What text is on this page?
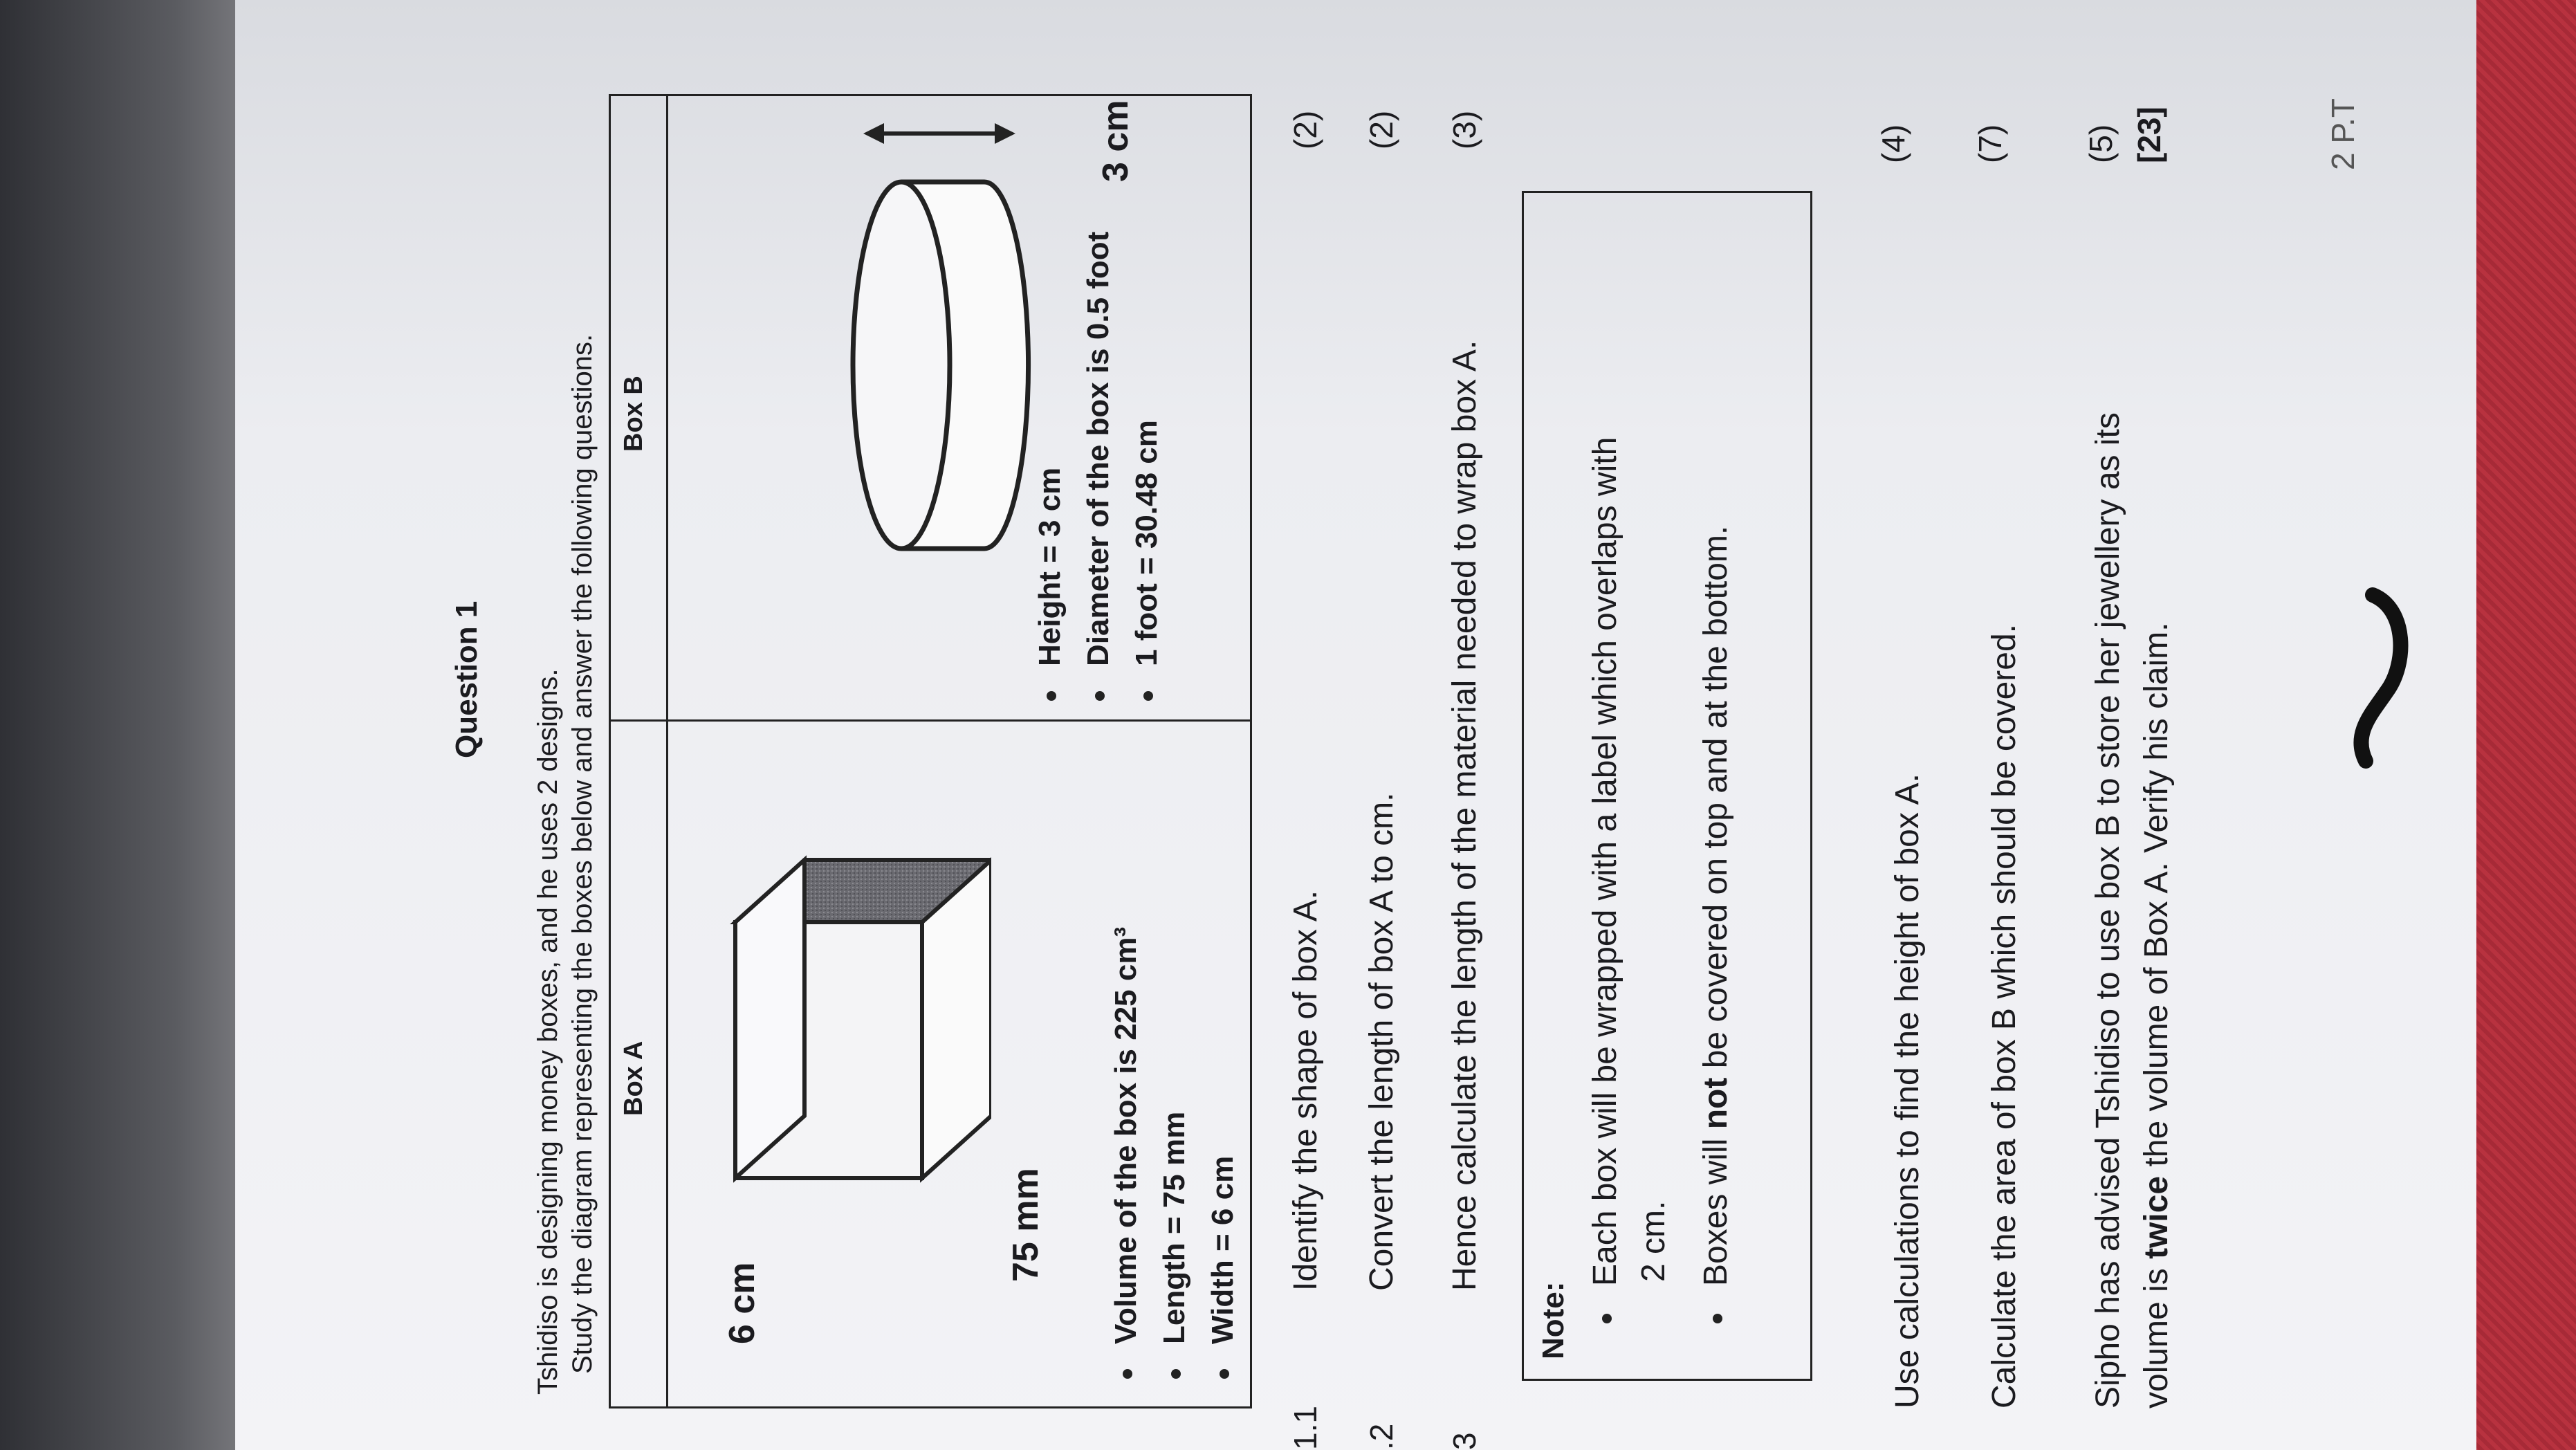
Question 1 Tshidiso is designing money boxes, and he uses 2 designs. Study the diagram representing the boxes below and answer the following questions. Box A
Box B
75 mm
6 cm
3 cm
Volume of the box is 225 cm³ Length = 75 mm Width = 6 cm
Height = 3 cm Diameter of the box is 0.5 foot 1 foot = 30.48 cm
1.1
Identify the shape of box A.
(2)
.2
Convert the length of box A to cm.
(2)
3
Hence calculate the length of the material needed to wrap box A.
(3)
Note:
Each box will be wrapped with a label which overlaps with 2 cm. Boxes will not be covered on top and at the bottom.	Use calculations to find the height of box A.
(4)
Calculate the area of box B which should be covered.
(7)
Sipho has advised Tshidiso to use box B to store her jewellery as its volume is twice the volume of Box A. Verify his claim.
(5) [23]	2 P.T
